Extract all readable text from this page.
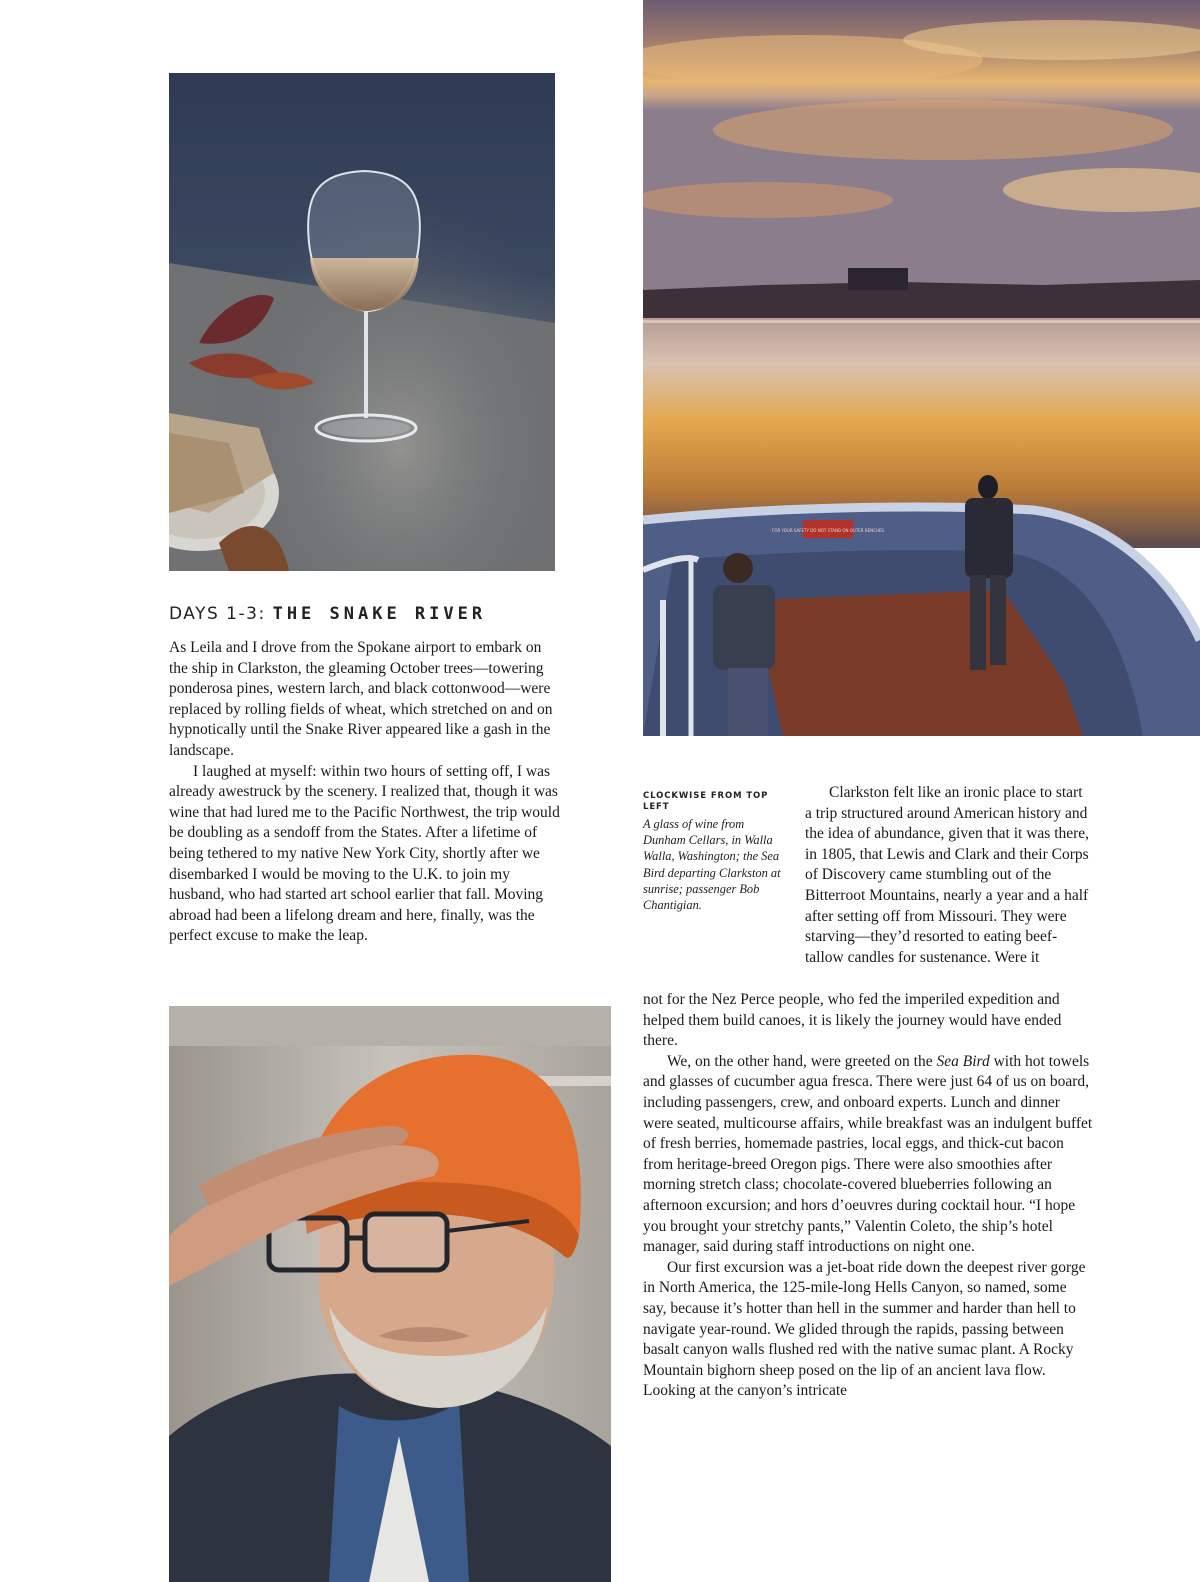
FOR YOUR SAFETY DO NOT STAND ON OUTER BENCHES
DAYS 1-3: THE SNAKE RIVER

As Leila and I drove from the Spokane airport to embark on the ship in Clarkston, the gleaming October trees—towering ponderosa pines, western larch, and black cottonwood—were replaced by rolling fields of wheat, which stretched on and on hypnotically until the Snake River appeared like a gash in the landscape.

I laughed at myself: within two hours of setting off, I was already awestruck by the scenery. I realized that, though it was wine that had lured me to the Pacific Northwest, the trip would be doubling as a sendoff from the States. After a lifetime of being tethered to my native New York City, shortly after we disembarked I would be moving to the U.K. to join my husband, who had started art school earlier that fall. Moving abroad had been a lifelong dream and here, finally, was the perfect excuse to make the leap.

CLOCKWISE FROM TOP LEFT
A glass of wine from Dunham Cellars, in Walla Walla, Washington; the Sea Bird departing Clarkston at sunrise; passenger Bob Chantigian.

Clarkston felt like an ironic place to start a trip structured around American history and the idea of abundance, given that it was there, in 1805, that Lewis and Clark and their Corps of Discovery came stumbling out of the Bitterroot Mountains, nearly a year and a half after setting off from Missouri. They were starving—they’d resorted to eating beef-tallow candles for sustenance. Were it

not for the Nez Perce people, who fed the imperiled expedition and helped them build canoes, it is likely the journey would have ended there.

We, on the other hand, were greeted on the Sea Bird with hot towels and glasses of cucumber agua fresca. There were just 64 of us on board, including passengers, crew, and onboard experts. Lunch and dinner were seated, multicourse affairs, while breakfast was an indulgent buffet of fresh berries, homemade pastries, local eggs, and thick-cut bacon from heritage-breed Oregon pigs. There were also smoothies after morning stretch class; chocolate-covered blueberries following an afternoon excursion; and hors d’oeuvres during cocktail hour. “I hope you brought your stretchy pants,” Valentin Coleto, the ship’s hotel manager, said during staff introductions on night one.

Our first excursion was a jet-boat ride down the deepest river gorge in North America, the 125-mile-long Hells Canyon, so named, some say, because it’s hotter than hell in the summer and harder than hell to navigate year-round. We glided through the rapids, passing between basalt canyon walls flushed red with the native sumac plant. A Rocky Mountain bighorn sheep posed on the lip of an ancient lava flow. Looking at the canyon’s intricate
